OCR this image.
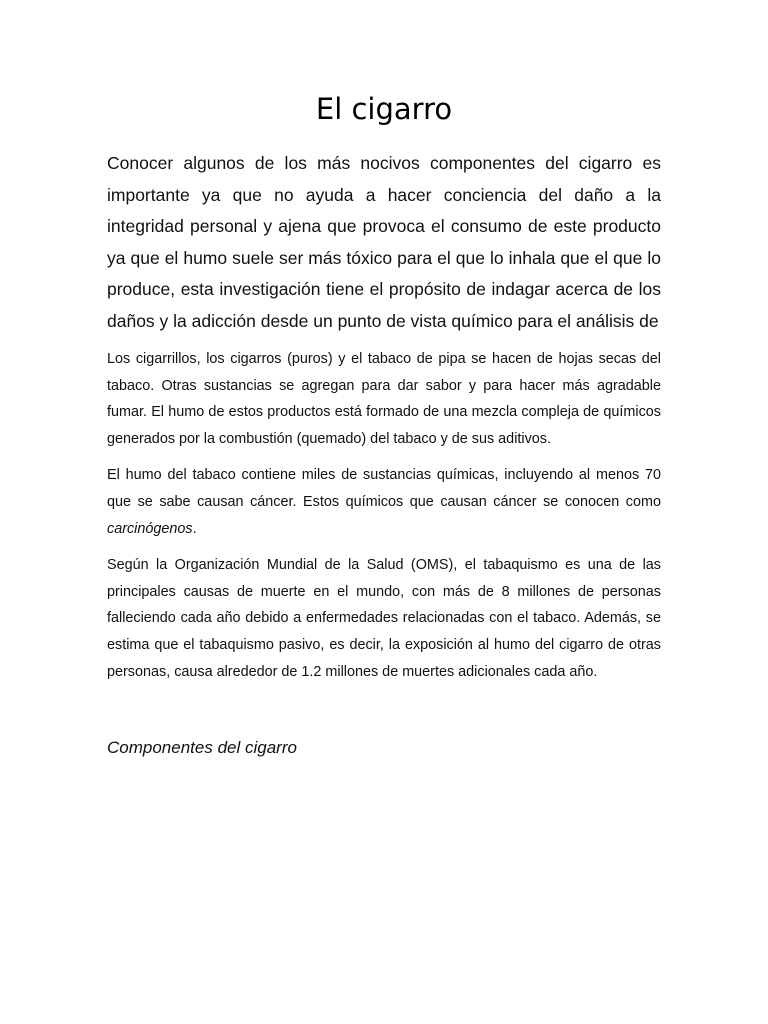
El cigarro

Conocer algunos de los más nocivos componentes del cigarro es importante ya que no ayuda a hacer conciencia del daño a la integridad personal y ajena que provoca el consumo de este producto ya que el humo suele ser más tóxico para el que lo inhala que el que lo produce, esta investigación tiene el propósito de indagar acerca de los daños y la adicción desde un punto de vista químico para el análisis de

Los cigarrillos, los cigarros (puros) y el tabaco de pipa se hacen de hojas secas del tabaco. Otras sustancias se agregan para dar sabor y para hacer más agradable fumar. El humo de estos productos está formado de una mezcla compleja de químicos generados por la combustión (quemado) del tabaco y de sus aditivos.

El humo del tabaco contiene miles de sustancias químicas, incluyendo al menos 70 que se sabe causan cáncer. Estos químicos que causan cáncer se conocen como carcinógenos.

Según la Organización Mundial de la Salud (OMS), el tabaquismo es una de las principales causas de muerte en el mundo, con más de 8 millones de personas falleciendo cada año debido a enfermedades relacionadas con el tabaco. Además, se estima que el tabaquismo pasivo, es decir, la exposición al humo del cigarro de otras personas, causa alrededor de 1.2 millones de muertes adicionales cada año.

Componentes del cigarro
